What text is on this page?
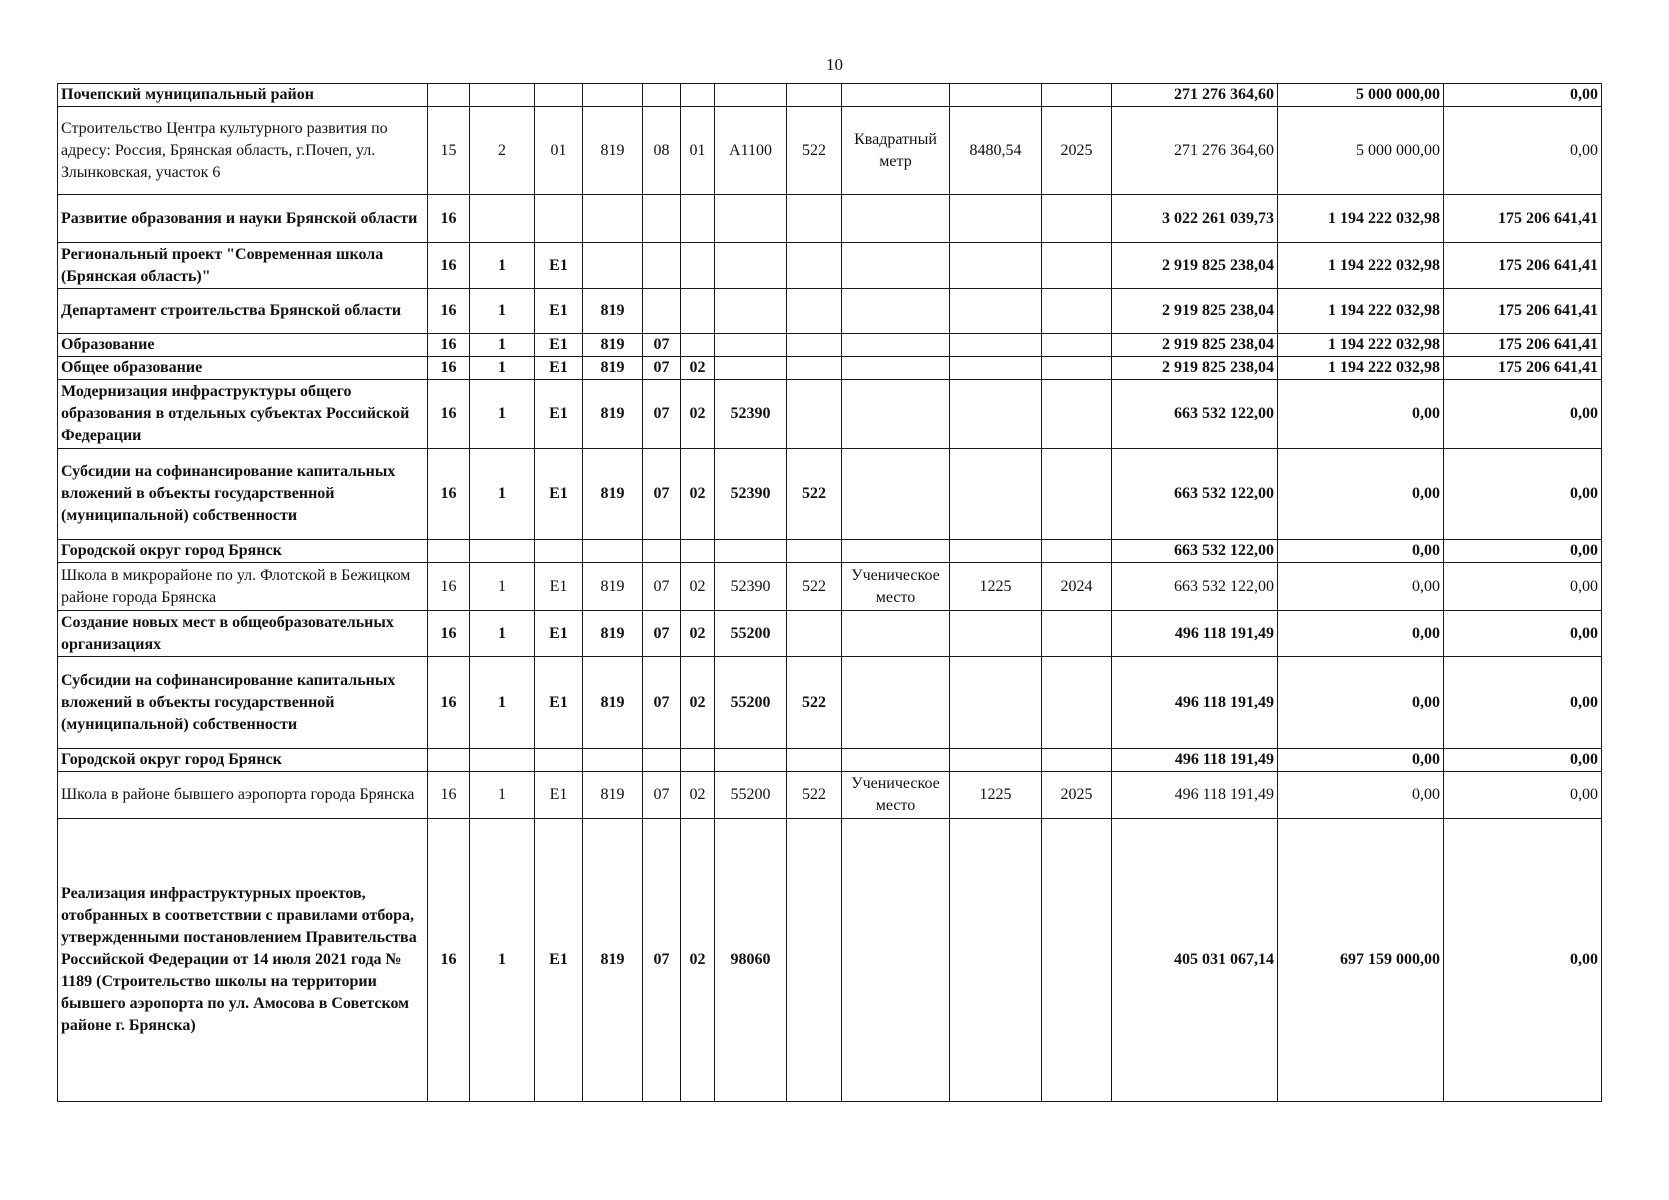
10
Почепский муниципальный район												271 276 364,60	5 000 000,00	0,00
Строительство Центра культурного развития по адресу: Россия, Брянская область, г.Почеп, ул. Злынковская, участок 6	15	2	01	819	08	01	А1100	522	Квадратный метр	8480,54	2025	271 276 364,60	5 000 000,00	0,00
Развитие образования и науки Брянской области	16											3 022 261 039,73	1 194 222 032,98	175 206 641,41
Региональный проект "Современная школа (Брянская область)"	16	1	Е1									2 919 825 238,04	1 194 222 032,98	175 206 641,41
Департамент строительства Брянской области	16	1	Е1	819								2 919 825 238,04	1 194 222 032,98	175 206 641,41
Образование	16	1	Е1	819	07							2 919 825 238,04	1 194 222 032,98	175 206 641,41
Общее образование	16	1	Е1	819	07	02						2 919 825 238,04	1 194 222 032,98	175 206 641,41
Модернизация инфраструктуры общего образования в отдельных субъектах Российской Федерации	16	1	Е1	819	07	02	52390					663 532 122,00	0,00	0,00
Субсидии на софинансирование капитальных вложений в объекты государственной (муниципальной) собственности	16	1	Е1	819	07	02	52390	522				663 532 122,00	0,00	0,00
Городской округ город Брянск												663 532 122,00	0,00	0,00
Школа в микрорайоне по ул. Флотской в Бежицком районе города Брянска	16	1	Е1	819	07	02	52390	522	Ученическое место	1225	2024	663 532 122,00	0,00	0,00
Создание новых мест в общеобразовательных организациях	16	1	Е1	819	07	02	55200					496 118 191,49	0,00	0,00
Субсидии на софинансирование капитальных вложений в объекты государственной (муниципальной) собственности	16	1	Е1	819	07	02	55200	522				496 118 191,49	0,00	0,00
Городской округ город Брянск												496 118 191,49	0,00	0,00
Школа в районе бывшего аэропорта города Брянска	16	1	Е1	819	07	02	55200	522	Ученическое место	1225	2025	496 118 191,49	0,00	0,00
Реализация инфраструктурных проектов, отобранных в соответствии с правилами отбора, утвержденными постановлением Правительства Российской Федерации от 14 июля 2021 года № 1189 (Строительство школы на территории бывшего аэропорта по ул. Амосова в Советском районе г. Брянска)	16	1	Е1	819	07	02	98060					405 031 067,14	697 159 000,00	0,00
